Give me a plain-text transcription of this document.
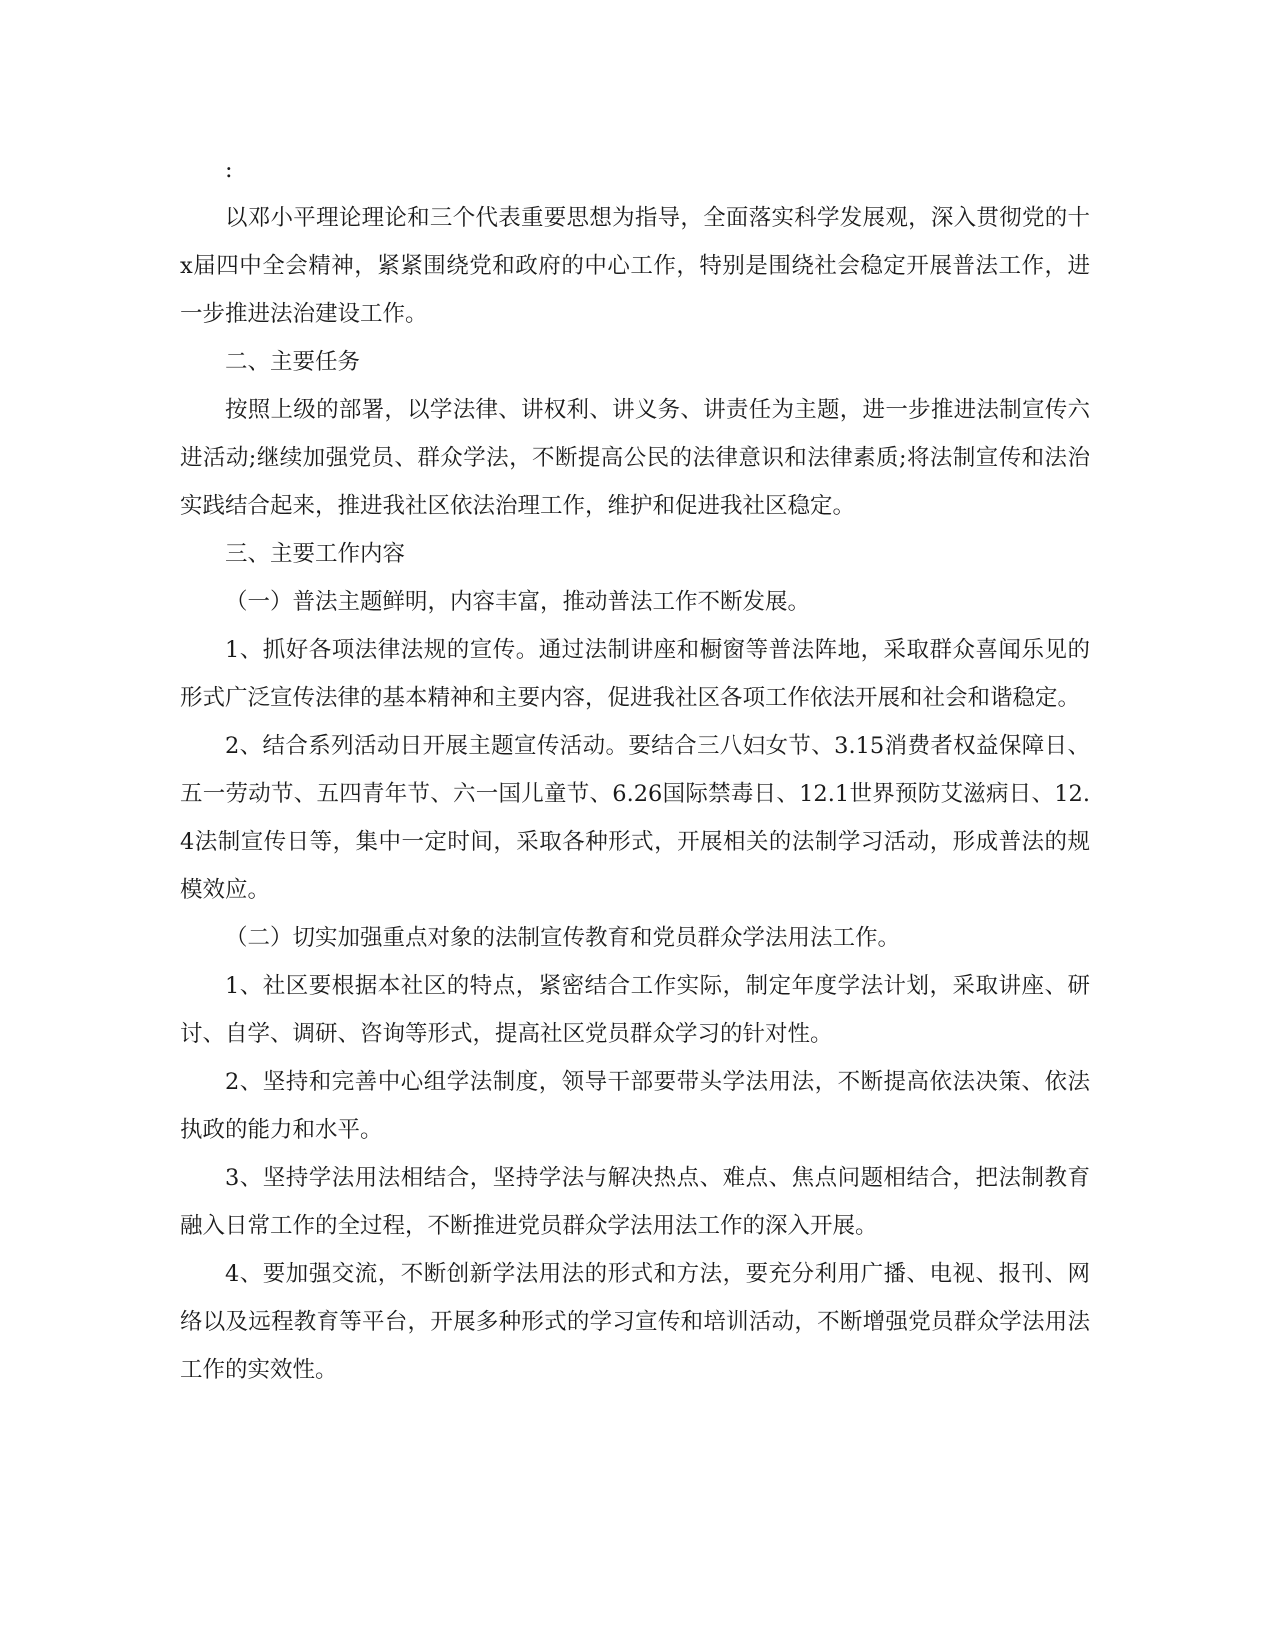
:

以邓小平理论理论和三个代表重要思想为指导，全面落实科学发展观，深入贯彻党的十x届四中全会精神，紧紧围绕党和政府的中心工作，特别是围绕社会稳定开展普法工作，进一步推进法治建设工作。

二、主要任务

按照上级的部署，以学法律、讲权利、讲义务、讲责任为主题，进一步推进法制宣传六进活动;继续加强党员、群众学法，不断提高公民的法律意识和法律素质;将法制宣传和法治实践结合起来，推进我社区依法治理工作，维护和促进我社区稳定。

三、主要工作内容

（一）普法主题鲜明，内容丰富，推动普法工作不断发展。

1、抓好各项法律法规的宣传。通过法制讲座和橱窗等普法阵地，采取群众喜闻乐见的形式广泛宣传法律的基本精神和主要内容，促进我社区各项工作依法开展和社会和谐稳定。

2、结合系列活动日开展主题宣传活动。要结合三八妇女节、3.15消费者权益保障日、五一劳动节、五四青年节、六一国儿童节、6.26国际禁毒日、12.1世界预防艾滋病日、12.4法制宣传日等，集中一定时间，采取各种形式，开展相关的法制学习活动，形成普法的规模效应。

（二）切实加强重点对象的法制宣传教育和党员群众学法用法工作。

1、社区要根据本社区的特点，紧密结合工作实际，制定年度学法计划，采取讲座、研讨、自学、调研、咨询等形式，提高社区党员群众学习的针对性。

2、坚持和完善中心组学法制度，领导干部要带头学法用法，不断提高依法决策、依法执政的能力和水平。

3、坚持学法用法相结合，坚持学法与解决热点、难点、焦点问题相结合，把法制教育融入日常工作的全过程，不断推进党员群众学法用法工作的深入开展。

4、要加强交流，不断创新学法用法的形式和方法，要充分利用广播、电视、报刊、网络以及远程教育等平台，开展多种形式的学习宣传和培训活动，不断增强党员群众学法用法工作的实效性。
